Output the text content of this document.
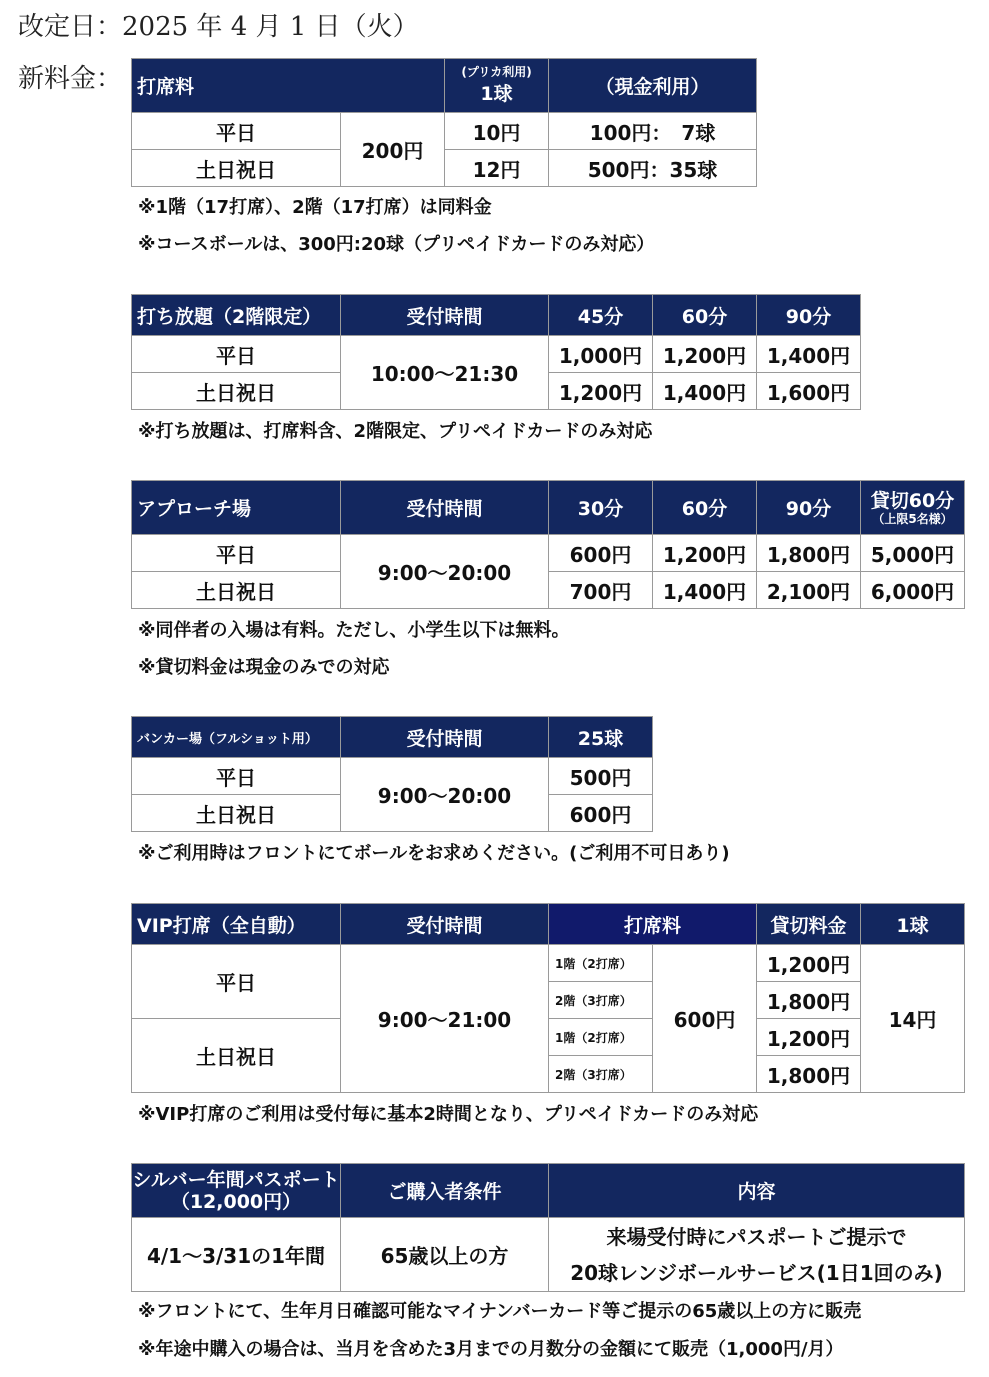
改定日：2025 年 4 月 1 日（火）
新料金： 打席料		(プリカ利用)
1球	（現金利用）
平日	200円	10円	100円：　7球
土日祝日		12円	500円：35球
※1階（17打席）、2階（17打席）は同料金
※コースボールは、300円:20球（プリペイドカードのみ対応）
打ち放題（2階限定）	受付時間	45分	60分	90分
平日	10:00～21:30	1,000円	1,200円	1,400円
土日祝日		1,200円	1,400円	1,600円
※打ち放題は、打席料含、2階限定、プリペイドカードのみ対応
アプローチ場	受付時間	30分	60分	90分	貸切60分
（上限5名様）

平日	9:00～20:00	600円	1,200円	1,800円	5,000円
土日祝日		700円	1,400円	2,100円	6,000円
※同伴者の入場は有料。ただし、小学生以下は無料。
※貸切料金は現金のみでの対応
バンカー場（フルショット用）	受付時間	25球
平日	9:00～20:00	500円
土日祝日		600円
※ご利用時はフロントにてボールをお求めください。(ご利用不可日あり)
VIP打席（全自動）	受付時間	打席料		貸切料金	1球
平日	9:00～21:00	1階（2打席）	600円	1,200円	14円
		2階（3打席）		1,800円	
土日祝日		1階（2打席）		1,200円	
		2階（3打席）		1,800円	
※VIP打席のご利用は受付毎に基本2時間となり、プリペイドカードのみ対応
シルバー年間パスポート
（12,000円）	ご購入者条件	内容
4/1～3/31の1年間	65歳以上の方	来場受付時にパスポートご提示で
20球レンジボールサービス(1日1回のみ)
※フロントにて、生年月日確認可能なマイナンバーカード等ご提示の65歳以上の方に販売
※年途中購入の場合は、当月を含めた3月までの月数分の金額にて販売（1,000円/月）
